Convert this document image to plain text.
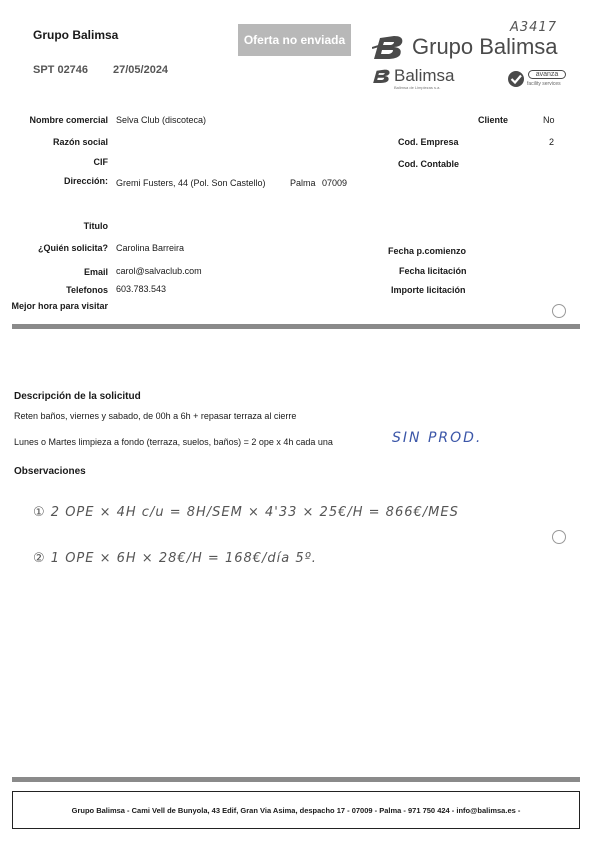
Grupo Balimsa
SPT 02746 27/05/2024
Oferta no enviada
A3417
Grupo Balimsa
Balimsa
Balimsa de Limpiezas s.a.
avanza
facility services
Nombre comercial Selva Club (discoteca)
Razón social
CIF
Dirección: Gremi Fusters, 44 (Pol. Son Castello)	Palma 07009
Cliente	No
Cod. Empresa	2
Cod. Contable
Titulo
¿Quién solicita? Carolina Barreira
Email carol@salvaclub.com
Telefonos 603.783.543
Mejor hora para visitar
Fecha p.comienzo
Fecha licitación
Importe licitación
Descripción de la solicitud
Reten baños, viernes y sabado, de 00h a 6h + repasar terraza al cierre
Lunes o Martes limpieza a fondo (terraza, suelos, baños) = 2 ope x 4h cada una	SIN PROD.
Observaciones
① 2 OPE × 4H c/u = 8H/SEM × 4'33 × 25€/H = 866€/MES
② 1 OPE × 6H × 28€/H = 168€/día 5º.
Grupo Balimsa - Cami Vell de Bunyola, 43 Edif, Gran Via Asima, despacho 17 - 07009 - Palma - 971 750 424 - info@balimsa.es -
